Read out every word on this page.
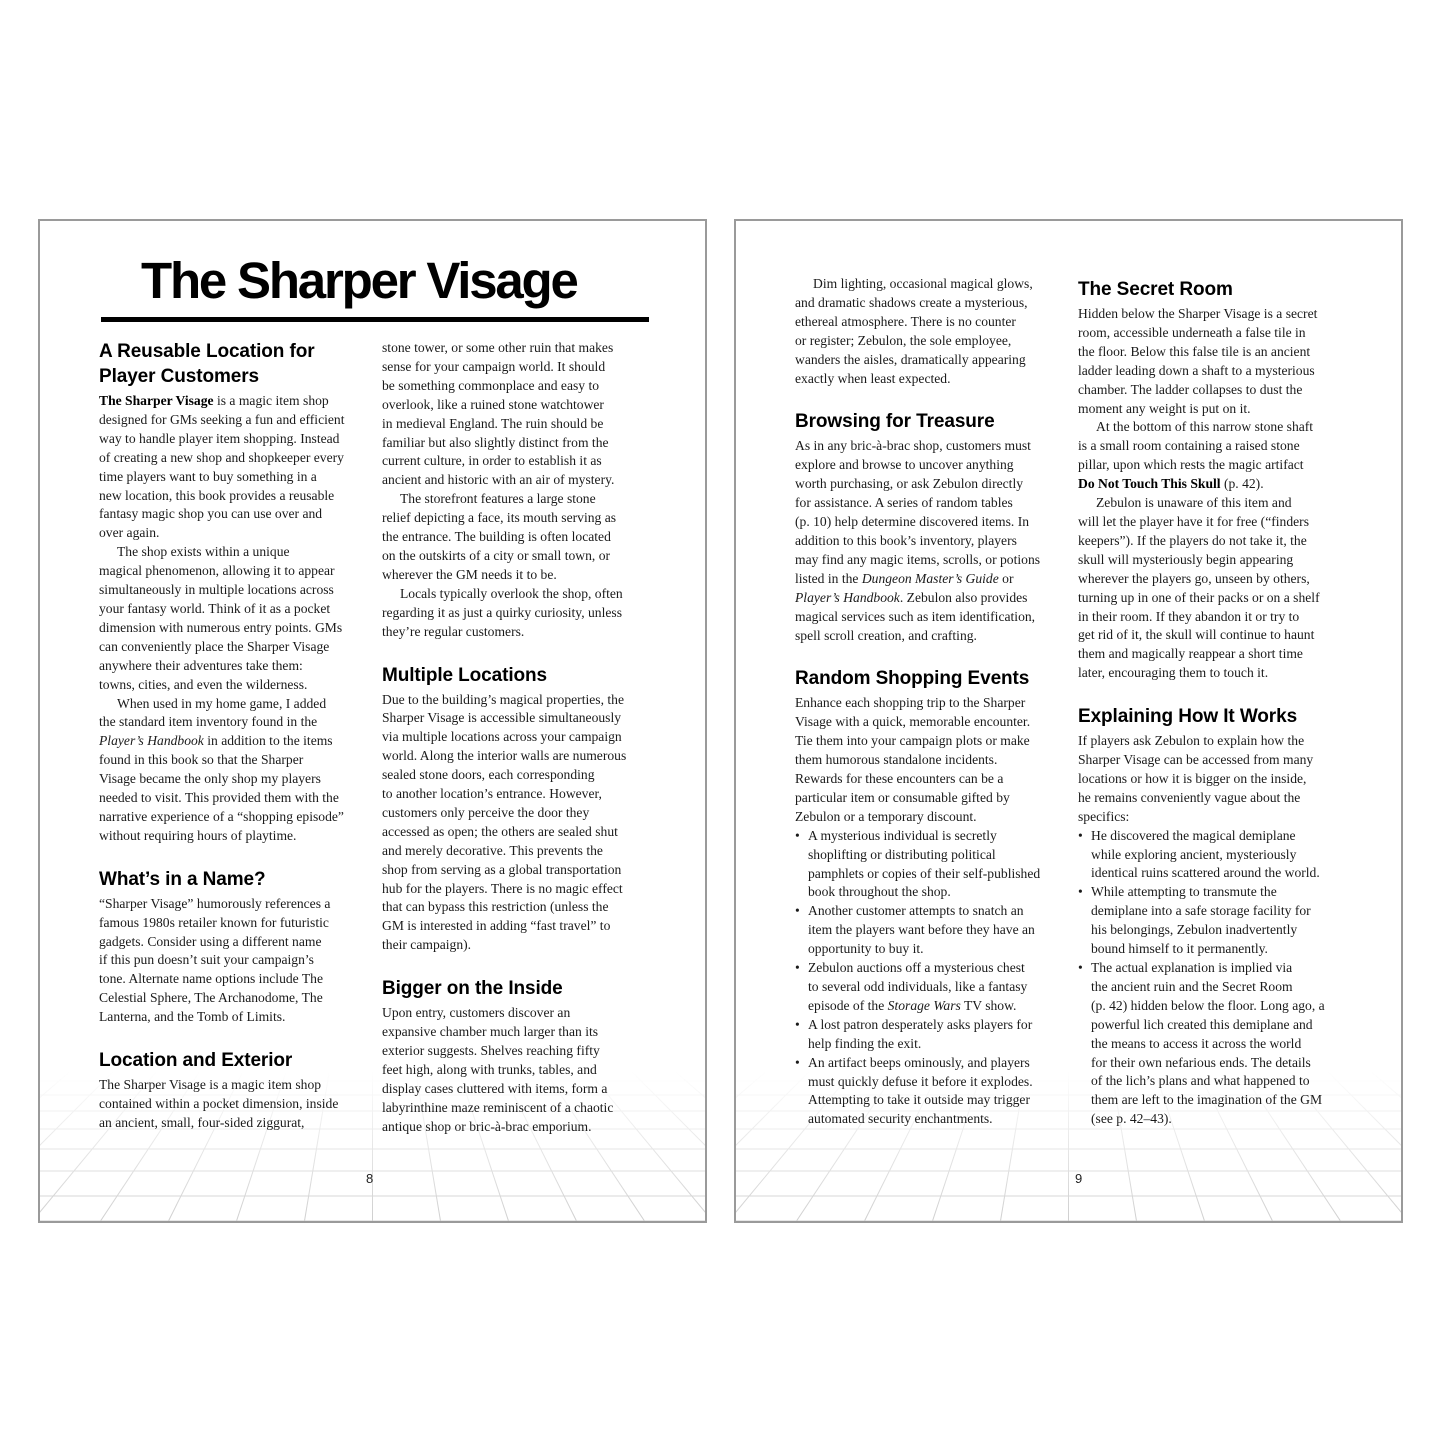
The Sharper Visage
A Reusable Location for
Player Customers
The Sharper Visage is a magic item shop
designed for GMs seeking a fun and efficient
way to handle player item shopping. Instead
of creating a new shop and shopkeeper every
time players want to buy something in a
new location, this book provides a reusable
fantasy magic shop you can use over and
over again.
The shop exists within a unique
magical phenomenon, allowing it to appear
simultaneously in multiple locations across
your fantasy world. Think of it as a pocket
dimension with numerous entry points. GMs
can conveniently place the Sharper Visage
anywhere their adventures take them:
towns, cities, and even the wilderness.
When used in my home game, I added
the standard item inventory found in the
Player’s Handbook in addition to the items
found in this book so that the Sharper
Visage became the only shop my players
needed to visit. This provided them with the
narrative experience of a “shopping episode”
without requiring hours of playtime.
What’s in a Name?
“Sharper Visage” humorously references a
famous 1980s retailer known for futuristic
gadgets. Consider using a different name
if this pun doesn’t suit your campaign’s
tone. Alternate name options include The
Celestial Sphere, The Archanodome, The
Lanterna, and the Tomb of Limits.
Location and Exterior
The Sharper Visage is a magic item shop
contained within a pocket dimension, inside
an ancient, small, four-sided ziggurat,
stone tower, or some other ruin that makes
sense for your campaign world. It should
be something commonplace and easy to
overlook, like a ruined stone watchtower
in medieval England. The ruin should be
familiar but also slightly distinct from the
current culture, in order to establish it as
ancient and historic with an air of mystery.
The storefront features a large stone
relief depicting a face, its mouth serving as
the entrance. The building is often located
on the outskirts of a city or small town, or
wherever the GM needs it to be.
Locals typically overlook the shop, often
regarding it as just a quirky curiosity, unless
they’re regular customers.
Multiple Locations
Due to the building’s magical properties, the
Sharper Visage is accessible simultaneously
via multiple locations across your campaign
world. Along the interior walls are numerous
sealed stone doors, each corresponding
to another location’s entrance. However,
customers only perceive the door they
accessed as open; the others are sealed shut
and merely decorative. This prevents the
shop from serving as a global transportation
hub for the players. There is no magic effect
that can bypass this restriction (unless the
GM is interested in adding “fast travel” to
their campaign).
Bigger on the Inside
Upon entry, customers discover an
expansive chamber much larger than its
exterior suggests. Shelves reaching fifty
feet high, along with trunks, tables, and
display cases cluttered with items, form a
labyrinthine maze reminiscent of a chaotic
antique shop or bric-à-brac emporium.
8
Dim lighting, occasional magical glows,
and dramatic shadows create a mysterious,
ethereal atmosphere. There is no counter
or register; Zebulon, the sole employee,
wanders the aisles, dramatically appearing
exactly when least expected.
Browsing for Treasure
As in any bric-à-brac shop, customers must
explore and browse to uncover anything
worth purchasing, or ask Zebulon directly
for assistance. A series of random tables
(p. 10) help determine discovered items. In
addition to this book’s inventory, players
may find any magic items, scrolls, or potions
listed in the Dungeon Master’s Guide or
Player’s Handbook. Zebulon also provides
magical services such as item identification,
spell scroll creation, and crafting.
Random Shopping Events
Enhance each shopping trip to the Sharper
Visage with a quick, memorable encounter.
Tie them into your campaign plots or make
them humorous standalone incidents.
Rewards for these encounters can be a
particular item or consumable gifted by
Zebulon or a temporary discount.
• A mysterious individual is secretly
shoplifting or distributing political
pamphlets or copies of their self-published
book throughout the shop.
• Another customer attempts to snatch an
item the players want before they have an
opportunity to buy it.
• Zebulon auctions off a mysterious chest
to several odd individuals, like a fantasy
episode of the Storage Wars TV show.
• A lost patron desperately asks players for
help finding the exit.
• An artifact beeps ominously, and players
must quickly defuse it before it explodes.
Attempting to take it outside may trigger
automated security enchantments.
The Secret Room
Hidden below the Sharper Visage is a secret
room, accessible underneath a false tile in
the floor. Below this false tile is an ancient
ladder leading down a shaft to a mysterious
chamber. The ladder collapses to dust the
moment any weight is put on it.
At the bottom of this narrow stone shaft
is a small room containing a raised stone
pillar, upon which rests the magic artifact
Do Not Touch This Skull (p. 42).
Zebulon is unaware of this item and
will let the player have it for free (“finders
keepers”). If the players do not take it, the
skull will mysteriously begin appearing
wherever the players go, unseen by others,
turning up in one of their packs or on a shelf
in their room. If they abandon it or try to
get rid of it, the skull will continue to haunt
them and magically reappear a short time
later, encouraging them to touch it.
Explaining How It Works
If players ask Zebulon to explain how the
Sharper Visage can be accessed from many
locations or how it is bigger on the inside,
he remains conveniently vague about the
specifics:
• He discovered the magical demiplane
while exploring ancient, mysteriously
identical ruins scattered around the world.
• While attempting to transmute the
demiplane into a safe storage facility for
his belongings, Zebulon inadvertently
bound himself to it permanently.
• The actual explanation is implied via
the ancient ruin and the Secret Room
(p. 42) hidden below the floor. Long ago, a
powerful lich created this demiplane and
the means to access it across the world
for their own nefarious ends. The details
of the lich’s plans and what happened to
them are left to the imagination of the GM
(see p. 42–43).
9
